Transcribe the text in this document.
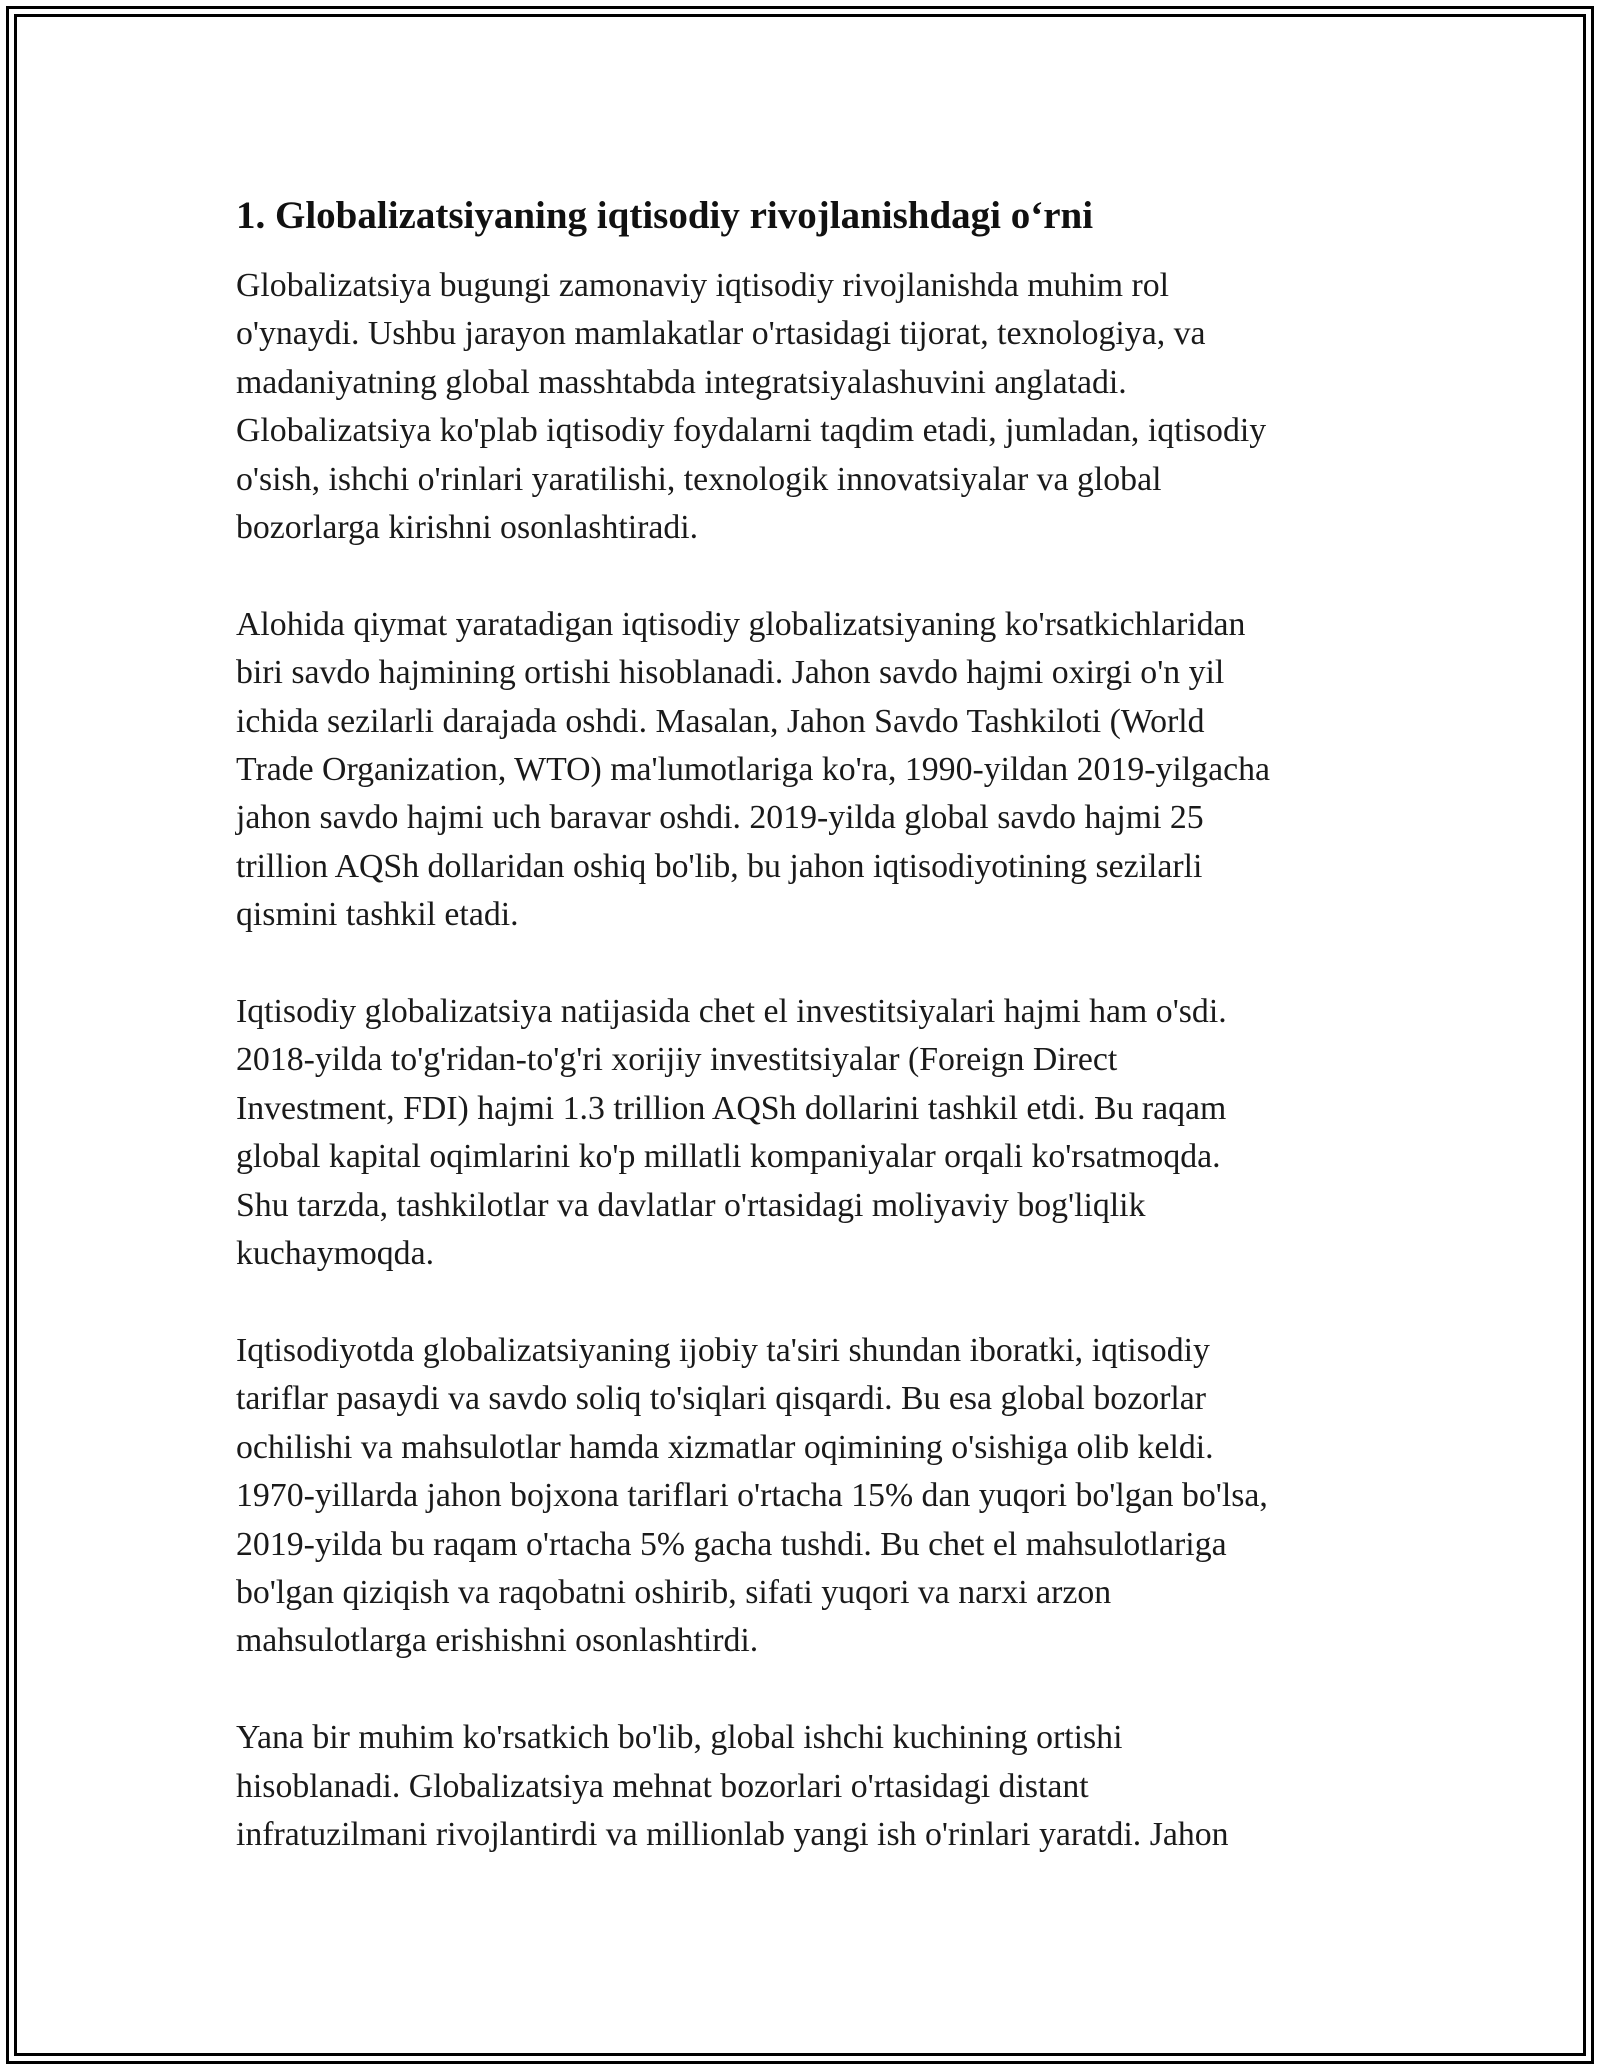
1. Globalizatsiyaning iqtisodiy rivojlanishdagi o‘rni

Globalizatsiya bugungi zamonaviy iqtisodiy rivojlanishda muhim rol
o'ynaydi. Ushbu jarayon mamlakatlar o'rtasidagi tijorat, texnologiya, va
madaniyatning global masshtabda integratsiyalashuvini anglatadi.
Globalizatsiya ko'plab iqtisodiy foydalarni taqdim etadi, jumladan, iqtisodiy
o'sish, ishchi o'rinlari yaratilishi, texnologik innovatsiyalar va global
bozorlarga kirishni osonlashtiradi.

Alohida qiymat yaratadigan iqtisodiy globalizatsiyaning ko'rsatkichlaridan
biri savdo hajmining ortishi hisoblanadi. Jahon savdo hajmi oxirgi o'n yil
ichida sezilarli darajada oshdi. Masalan, Jahon Savdo Tashkiloti (World
Trade Organization, WTO) ma'lumotlariga ko'ra, 1990-yildan 2019-yilgacha
jahon savdo hajmi uch baravar oshdi. 2019-yilda global savdo hajmi 25
trillion AQSh dollaridan oshiq bo'lib, bu jahon iqtisodiyotining sezilarli
qismini tashkil etadi.

Iqtisodiy globalizatsiya natijasida chet el investitsiyalari hajmi ham o'sdi.
2018-yilda to'g'ridan-to'g'ri xorijiy investitsiyalar (Foreign Direct
Investment, FDI) hajmi 1.3 trillion AQSh dollarini tashkil etdi. Bu raqam
global kapital oqimlarini ko'p millatli kompaniyalar orqali ko'rsatmoqda.
Shu tarzda, tashkilotlar va davlatlar o'rtasidagi moliyaviy bog'liqlik
kuchaymoqda.

Iqtisodiyotda globalizatsiyaning ijobiy ta'siri shundan iboratki, iqtisodiy
tariflar pasaydi va savdo soliq to'siqlari qisqardi. Bu esa global bozorlar
ochilishi va mahsulotlar hamda xizmatlar oqimining o'sishiga olib keldi.
1970-yillarda jahon bojxona tariflari o'rtacha 15% dan yuqori bo'lgan bo'lsa,
2019-yilda bu raqam o'rtacha 5% gacha tushdi. Bu chet el mahsulotlariga
bo'lgan qiziqish va raqobatni oshirib, sifati yuqori va narxi arzon
mahsulotlarga erishishni osonlashtirdi.

Yana bir muhim ko'rsatkich bo'lib, global ishchi kuchining ortishi
hisoblanadi. Globalizatsiya mehnat bozorlari o'rtasidagi distant
infratuzilmani rivojlantirdi va millionlab yangi ish o'rinlari yaratdi. Jahon
